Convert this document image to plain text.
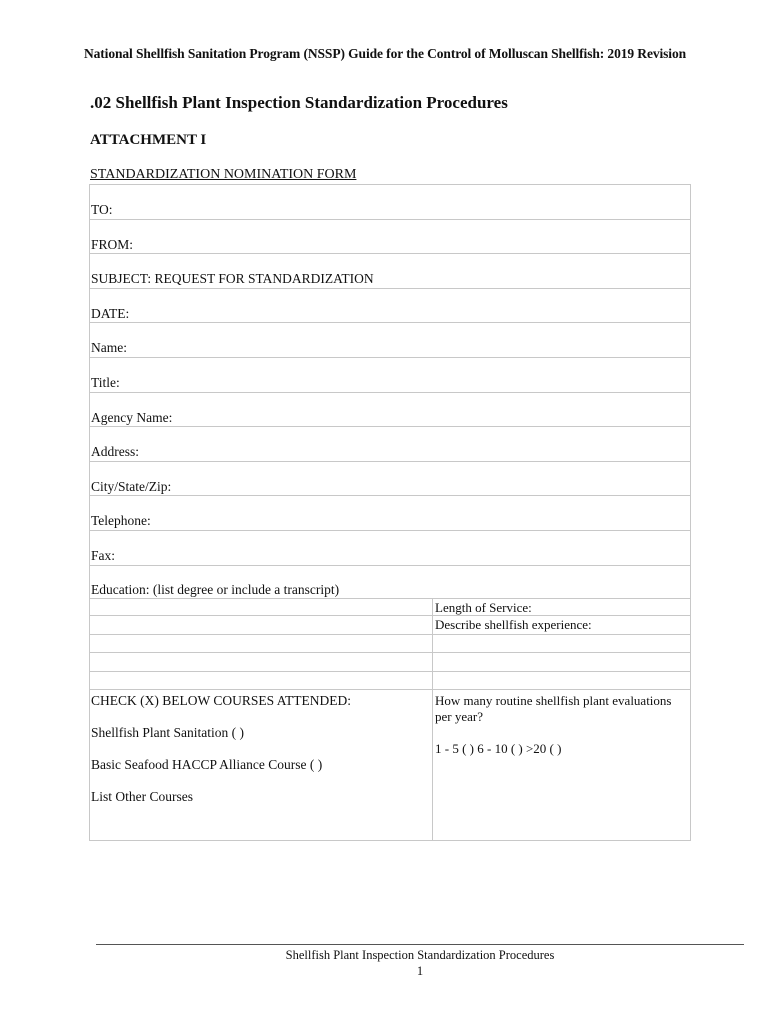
National Shellfish Sanitation Program (NSSP) Guide for the Control of Molluscan Shellfish: 2019 Revision
.02 Shellfish Plant Inspection Standardization Procedures
ATTACHMENT I
STANDARDIZATION NOMINATION FORM
TO:
FROM:
SUBJECT: REQUEST FOR STANDARDIZATION
DATE:
Name:
Title:
Agency Name:
Address:
City/State/Zip:
Telephone:
Fax:
Education: (list degree or include a transcript)
Length of Service:
Describe shellfish experience:

CHECK (X) BELOW COURSES ATTENDED:

Shellfish Plant Sanitation ( )

Basic Seafood HACCP Alliance Course ( )

List Other Courses

How many routine shellfish plant evaluations per year?

1 - 5 ( ) 6 - 10 ( ) >20 ( )

Shellfish Plant Inspection Standardization Procedures
1
